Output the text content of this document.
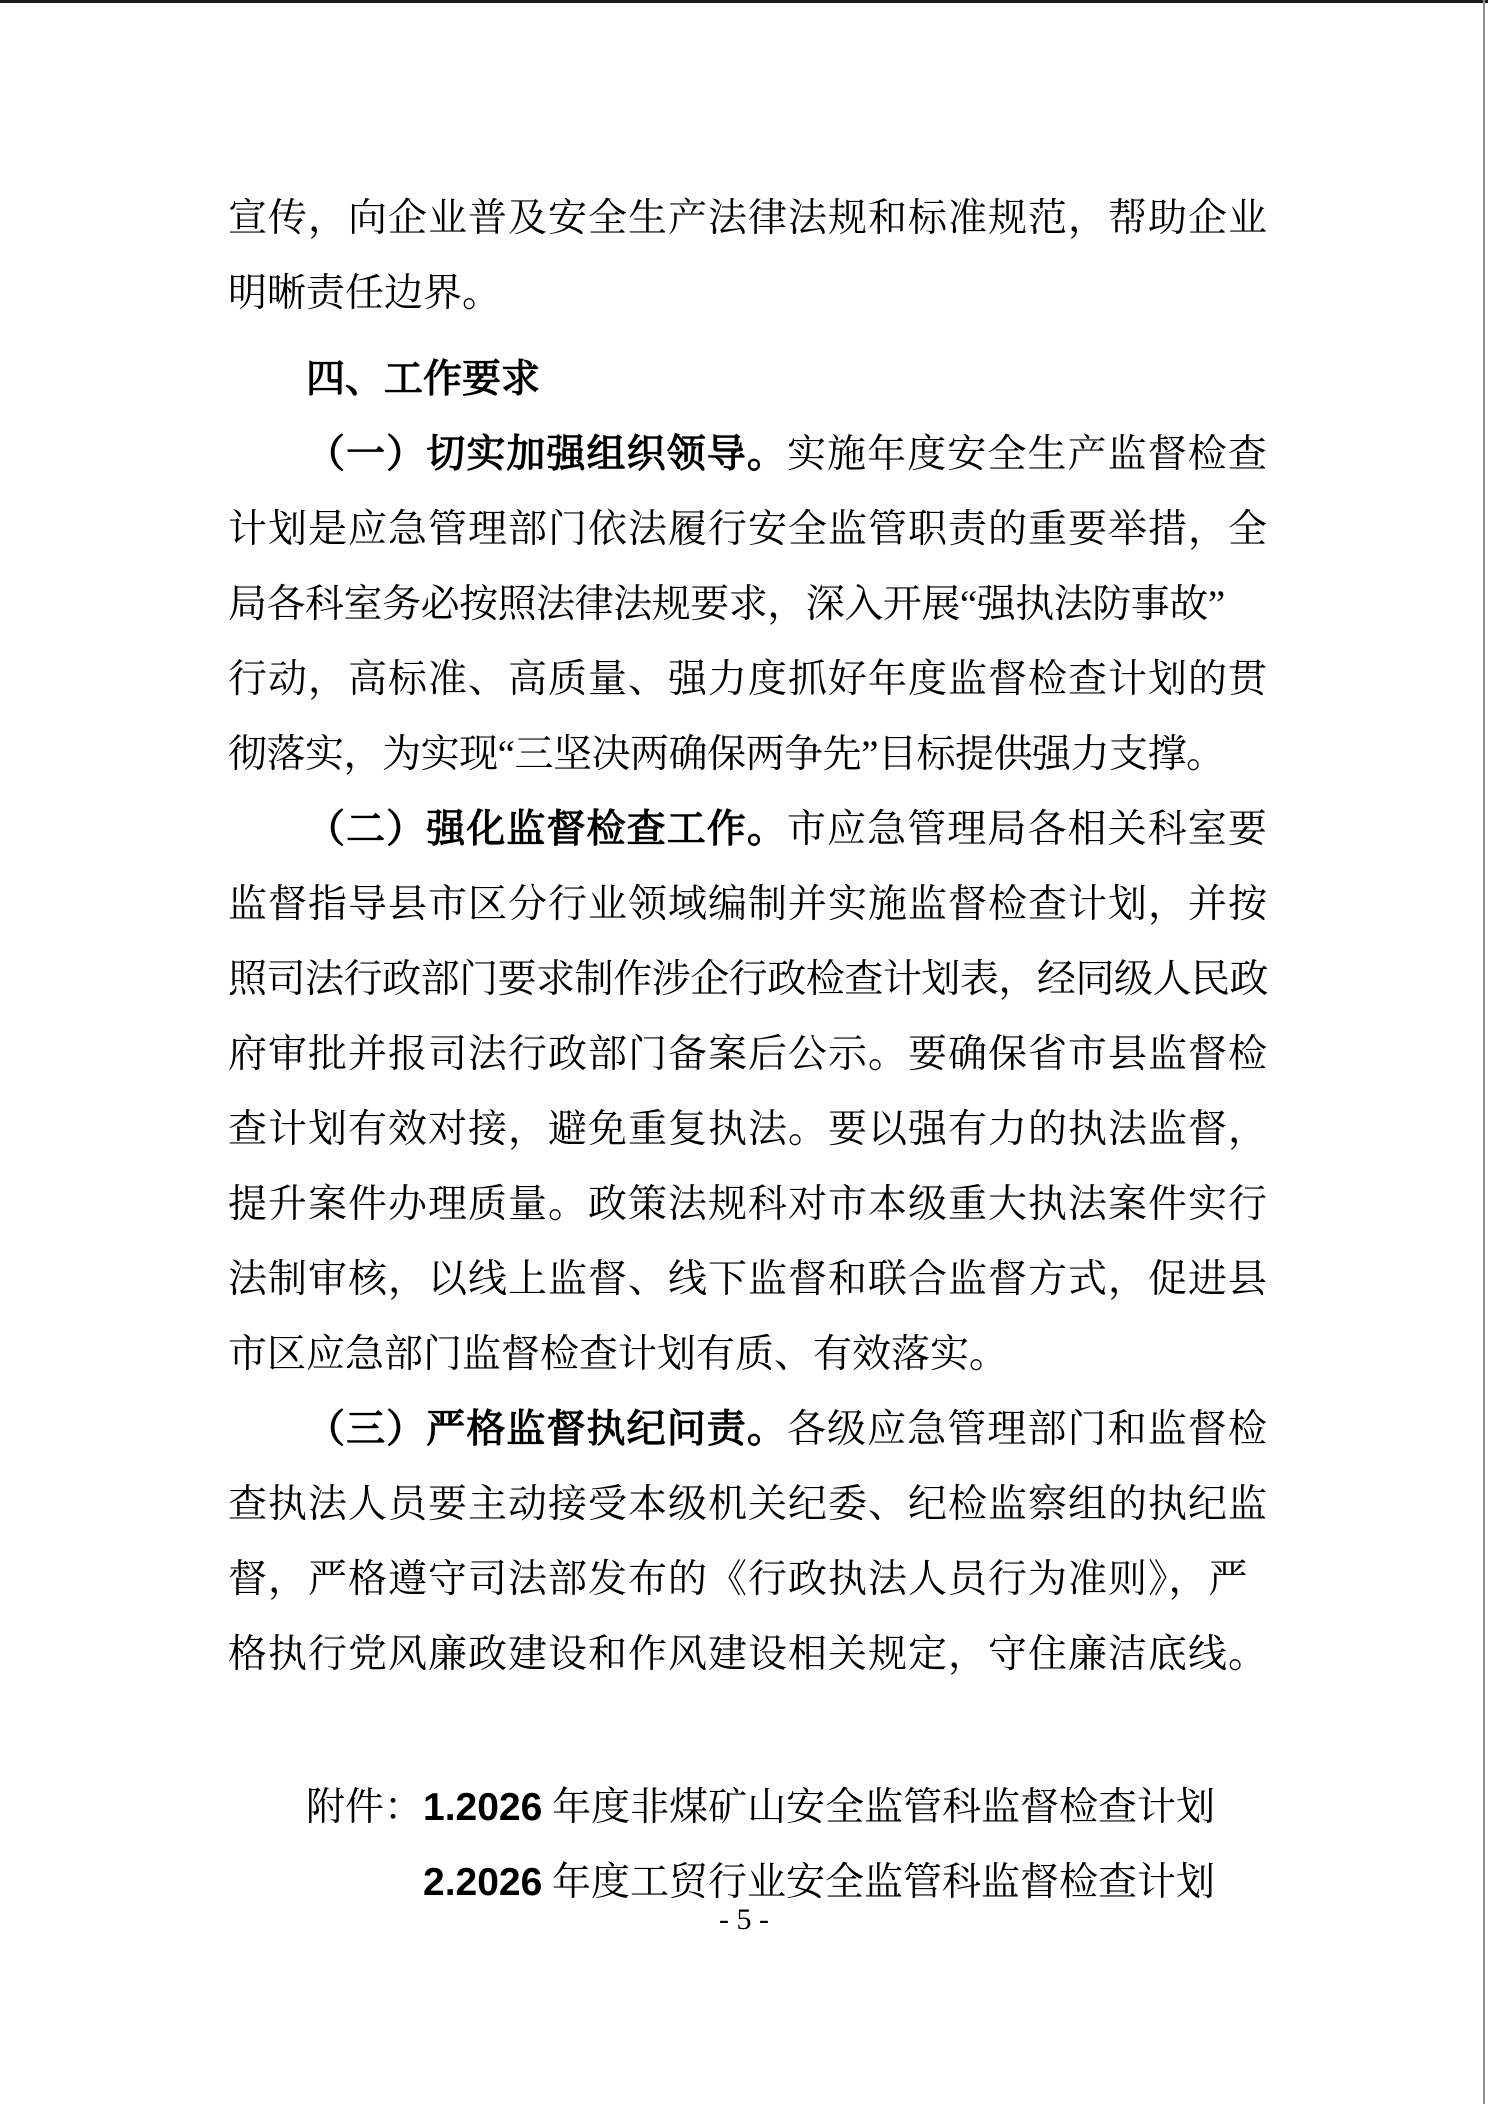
宣传，向企业普及安全生产法律法规和标准规范，帮助企业
明晰责任边界。
四、工作要求
（一）切实加强组织领导。实施年度安全生产监督检查
计划是应急管理部门依法履行安全监管职责的重要举措，全
局各科室务必按照法律法规要求，深入开展“强执法防事故”
行动，高标准、高质量、强力度抓好年度监督检查计划的贯
彻落实，为实现“三坚决两确保两争先”目标提供强力支撑。
（二）强化监督检查工作。市应急管理局各相关科室要
监督指导县市区分行业领域编制并实施监督检查计划，并按
照司法行政部门要求制作涉企行政检查计划表，经同级人民政
府审批并报司法行政部门备案后公示。要确保省市县监督检
查计划有效对接，避免重复执法。要以强有力的执法监督，
提升案件办理质量。政策法规科对市本级重大执法案件实行
法制审核，以线上监督、线下监督和联合监督方式，促进县
市区应急部门监督检查计划有质、有效落实。
（三）严格监督执纪问责。各级应急管理部门和监督检
查执法人员要主动接受本级机关纪委、纪检监察组的执纪监
督，严格遵守司法部发布的《行政执法人员行为准则》，严
格执行党风廉政建设和作风建设相关规定，守住廉洁底线。
附件：1.2026 年度非煤矿山安全监管科监督检查计划
2.2026 年度工贸行业安全监管科监督检查计划
- 5 -
